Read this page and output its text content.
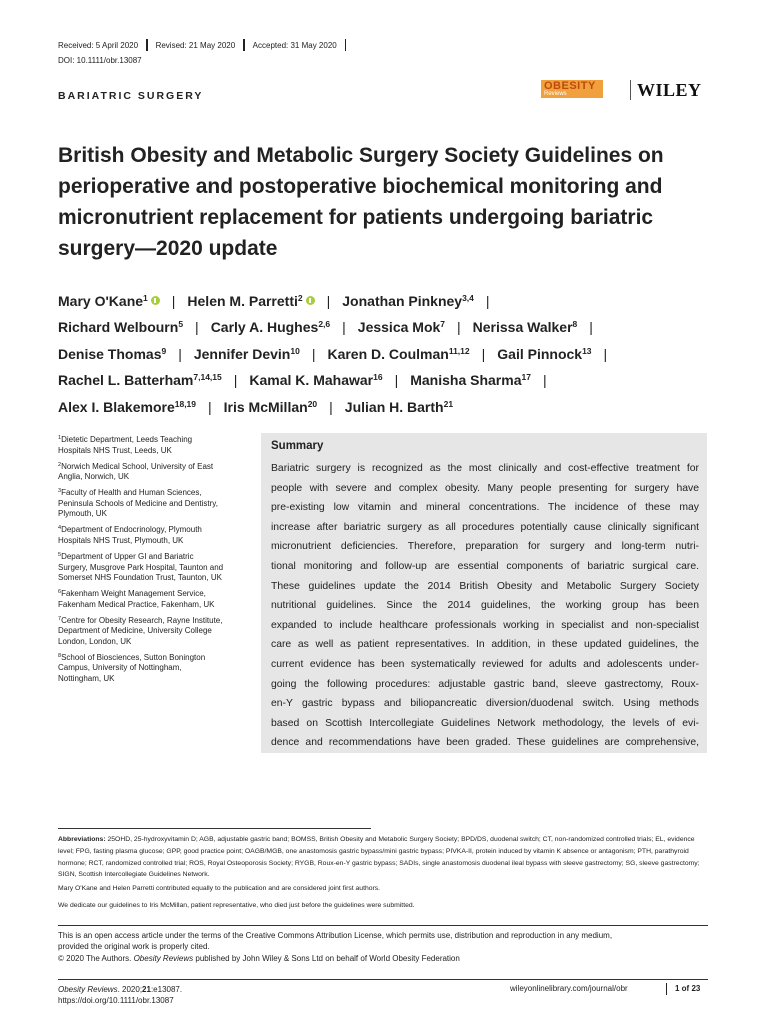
Received: 5 April 2020 Revised: 21 May 2020 Accepted: 31 May 2020
DOI: 10.1111/obr.13087
BARIATRIC SURGERY
OBESITY
Reviews	WILEY
British Obesity and Metabolic Surgery Society Guidelines on perioperative and postoperative biochemical monitoring and micronutrient replacement for patients undergoing bariatric surgery—2020 update
Mary O'Kane$^1$ | Helen M. Parretti$^2$ | Jonathan Pinkney$^{3,4}$ |
Richard Welbourn$^5$ | Carly A. Hughes$^{2,6}$ | Jessica Mok$^7$ | Nerissa Walker$^8$ |
Denise Thomas$^9$ | Jennifer Devin$^{10}$ | Karen D. Coulman$^{11,12}$ | Gail Pinnock$^{13}$ |
Rachel L. Batterham$^{7,14,15}$ | Kamal K. Mahawar$^{16}$ | Manisha Sharma$^{17}$ |
Alex I. Blakemore$^{18,19}$ | Iris McMillan$^{20}$ | Julian H. Barth$^{21}$
$^1$Dietetic Department, Leeds Teaching
Hospitals NHS Trust, Leeds, UK
$^2$Norwich Medical School, University of East
Anglia, Norwich, UK
$^3$Faculty of Health and Human Sciences,
Peninsula Schools of Medicine and Dentistry,
Plymouth, UK
$^4$Department of Endocrinology, Plymouth
Hospitals NHS Trust, Plymouth, UK
$^5$Department of Upper GI and Bariatric
Surgery, Musgrove Park Hospital, Taunton and
Somerset NHS Foundation Trust, Taunton, UK
$^6$Fakenham Weight Management Service,
Fakenham Medical Practice, Fakenham, UK
$^7$Centre for Obesity Research, Rayne Institute,
Department of Medicine, University College
London, London, UK
$^8$School of Biosciences, Sutton Bonington
Campus, University of Nottingham,
Nottingham, UK
Summary
Bariatric surgery is recognized as the most clinically and cost-effective treatment for
people with severe and complex obesity. Many people presenting for surgery have
pre-existing low vitamin and mineral concentrations. The incidence of these may
increase after bariatric surgery as all procedures potentially cause clinically significant
micronutrient deficiencies. Therefore, preparation for surgery and long-term nutri-
tional monitoring and follow-up are essential components of bariatric surgical care.
These guidelines update the 2014 British Obesity and Metabolic Surgery Society
nutritional guidelines. Since the 2014 guidelines, the working group has been
expanded to include healthcare professionals working in specialist and non-specialist
care as well as patient representatives. In addition, in these updated guidelines, the
current evidence has been systematically reviewed for adults and adolescents under-
going the following procedures: adjustable gastric band, sleeve gastrectomy, Roux-
en-Y gastric bypass and biliopancreatic diversion/duodenal switch. Using methods
based on Scottish Intercollegiate Guidelines Network methodology, the levels of evi-
dence and recommendations have been graded. These guidelines are comprehensive,
Abbreviations: 25OHD, 25-hydroxyvitamin D; AGB, adjustable gastric band; BOMSS, British Obesity and Metabolic Surgery Society; BPD/DS, duodenal switch; CT, non-randomized controlled trials; EL, evidence level; FPG, fasting plasma glucose; GPP, good practice point; OAGB/MGB, one anastomosis gastric bypass/mini gastric bypass; PIVKA-II, protein induced by vitamin K absence or antagonism; PTH, parathyroid hormone; RCT, randomized controlled trial; ROS, Royal Osteoporosis Society; RYGB, Roux-en-Y gastric bypass; SADIs, single anastomosis duodenal ileal bypass with sleeve gastrectomy; SG, sleeve gastrectomy; SIGN, Scottish Intercollegiate Guidelines Network.
Mary O'Kane and Helen Parretti contributed equally to the publication and are considered joint first authors.
We dedicate our guidelines to Iris McMillan, patient representative, who died just before the guidelines were submitted.
This is an open access article under the terms of the Creative Commons Attribution License, which permits use, distribution and reproduction in any medium,
provided the original work is properly cited.
© 2020 The Authors. Obesity Reviews published by John Wiley & Sons Ltd on behalf of World Obesity Federation
Obesity Reviews. 2020;21:e13087.
https://doi.org/10.1111/obr.13087
wileyonlinelibrary.com/journal/obr	1 of 23
